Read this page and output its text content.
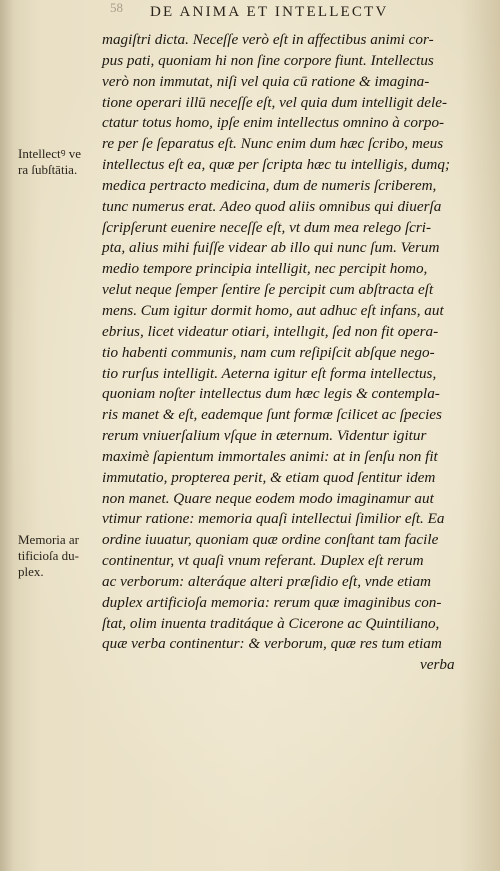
58 DE ANIMA ET INTELLECTV
Intellectꝰ ve
ra ſubſtātia.
Memoria ar
tificioſa du-
plex.
magiſtri dicta. Neceſſe verò eſt in affectibus animi cor-
pus pati, quoniam hi non ſine corpore fiunt. Intellectus
verò non immutat, niſi vel quia cū ratione & imagina-
tione operari illū neceſſe eſt, vel quia dum intelligit dele-
ctatur totus homo, ipſe enim intellectus omnino à corpo-
re per ſe ſeparatus eſt. Nunc enim dum hæc ſcribo, meus
intellectus eſt ea, quæ per ſcripta hæc tu intelligis, dumq;
medica pertracto medicina, dum de numeris ſcriberem,
tunc numerus erat. Adeo quod aliis omnibus qui diuerſa
ſcripſerunt euenire neceſſe eſt, vt dum mea relego ſcri-
pta, alius mihi fuiſſe videar ab illo qui nunc ſum. Verum
medio tempore principia intelligit, nec percipit homo,
velut neque ſemper ſentire ſe percipit cum abſtracta eſt
mens. Cum igitur dormit homo, aut adhuc eſt infans, aut
ebrius, licet videatur otiari, intellıgit, ſed non fit opera-
tio habenti communis, nam cum reſipiſcit abſque nego-
tio rurſus intelligit. Aeterna igitur eſt forma intellectus,
quoniam noſter intellectus dum hæc legis & contempla-
ris manet & eſt, eademque ſunt formæ ſcilicet ac ſpecies
rerum vniuerſalium vſque in æternum. Videntur igitur
maximè ſapientum immortales animi: at in ſenſu non fit
immutatio, propterea perit, & etiam quod ſentitur idem
non manet. Quare neque eodem modo imaginamur aut
vtimur ratione: memoria quaſi intellectui ſimilior eſt. Ea
ordine iuuatur, quoniam quæ ordine conſtant tam facile
continentur, vt quaſi vnum referant. Duplex eſt rerum
ac verborum: alteráque alteri præſidio eſt, vnde etiam
duplex artificioſa memoria: rerum quæ imaginibus con-
ſtat, olim inuenta traditáque à Cicerone ac Quintiliano,
quæ verba continentur: & verborum, quæ res tum etiam
verba
